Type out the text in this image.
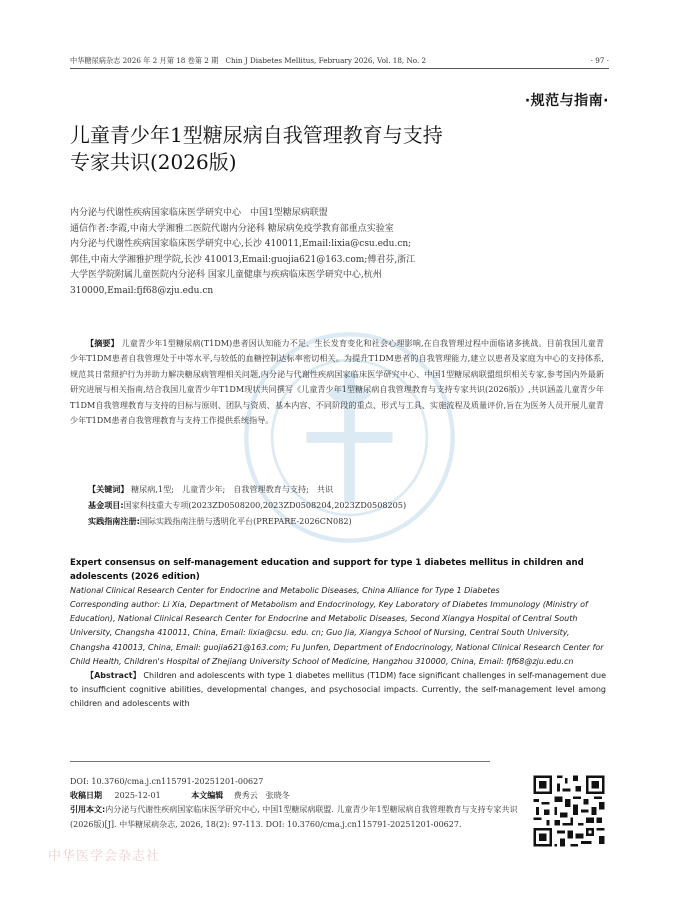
中华糖尿病杂志 2026 年 2 月第 18 卷第 2 期　Chin J Diabetes Mellitus, February 2026, Vol. 18, No. 2	· 97 ·
·规范与指南·
儿童青少年1型糖尿病自我管理教育与支持
专家共识(2026版)
内分泌与代谢性疾病国家临床医学研究中心　中国1型糖尿病联盟
通信作者:李霞,中南大学湘雅二医院代谢内分泌科 糖尿病免疫学教育部重点实验室
内分泌与代谢性疾病国家临床医学研究中心,长沙 410011,Email:lixia@csu.edu.cn;
郭佳,中南大学湘雅护理学院,长沙 410013,Email:guojia621@163.com;傅君芬,浙江
大学医学院附属儿童医院内分泌科 国家儿童健康与疾病临床医学研究中心,杭州
310000,Email:fjf68@zju.edu.cn
【摘要】 儿童青少年1型糖尿病(T1DM)患者因认知能力不足、生长发育变化和社会心理影响,在自我管理过程中面临诸多挑战。目前我国儿童青少年T1DM患者自我管理处于中等水平,与较低的血糖控制达标率密切相关。为提升T1DM患者的自我管理能力,建立以患者及家庭为中心的支持体系,规范其日常照护行为并助力解决糖尿病管理相关问题,内分泌与代谢性疾病国家临床医学研究中心、中国1型糖尿病联盟组织相关专家,参考国内外最新研究进展与相关指南,结合我国儿童青少年T1DM现状共同撰写《儿童青少年1型糖尿病自我管理教育与支持专家共识(2026版)》,共识涵盖儿童青少年T1DM自我管理教育与支持的目标与原则、团队与资质、基本内容、不同阶段的重点、形式与工具、实施流程及质量评价,旨在为医务人员开展儿童青少年T1DM患者自我管理教育与支持工作提供系统指导。
【关键词】 糖尿病,1型;　儿童青少年;　自我管理教育与支持;　共识
基金项目:国家科技重大专项(2023ZD0508200,2023ZD0508204,2023ZD0508205)
实践指南注册:国际实践指南注册与透明化平台(PREPARE-2026CN082)
Expert consensus on self-management education and support for type 1 diabetes mellitus in children and adolescents (2026 edition)
National Clinical Research Center for Endocrine and Metabolic Diseases, China Alliance for Type 1 Diabetes
Corresponding author: Li Xia, Department of Metabolism and Endocrinology, Key Laboratory of Diabetes Immunology (Ministry of Education), National Clinical Research Center for Endocrine and Metabolic Diseases, Second Xiangya Hospital of Central South University, Changsha 410011, China, Email: lixia@csu. edu. cn; Guo Jia, Xiangya School of Nursing, Central South University, Changsha 410013, China, Email: guojia621@163.com; Fu Junfen, Department of Endocrinology, National Clinical Research Center for Child Health, Children's Hospital of Zhejiang University School of Medicine, Hangzhou 310000, China, Email: fjf68@zju.edu.cn
【Abstract】 Children and adolescents with type 1 diabetes mellitus (T1DM) face significant challenges in self-management due to insufficient cognitive abilities, developmental changes, and psychosocial impacts. Currently, the self-management level among children and adolescents with
DOI: 10.3760/cma.j.cn115791-20251201-00627
收稿日期 2025-12-01	本文编辑 费秀云　张晓冬
引用本文:内分泌与代谢性疾病国家临床医学研究中心, 中国1型糖尿病联盟. 儿童青少年1型糖尿病自我管理教育与支持专家共识(2026版)[J]. 中华糖尿病杂志, 2026, 18(2): 97-113. DOI: 10.3760/cma.j.cn115791-20251201-00627.
中华医学会杂志社
